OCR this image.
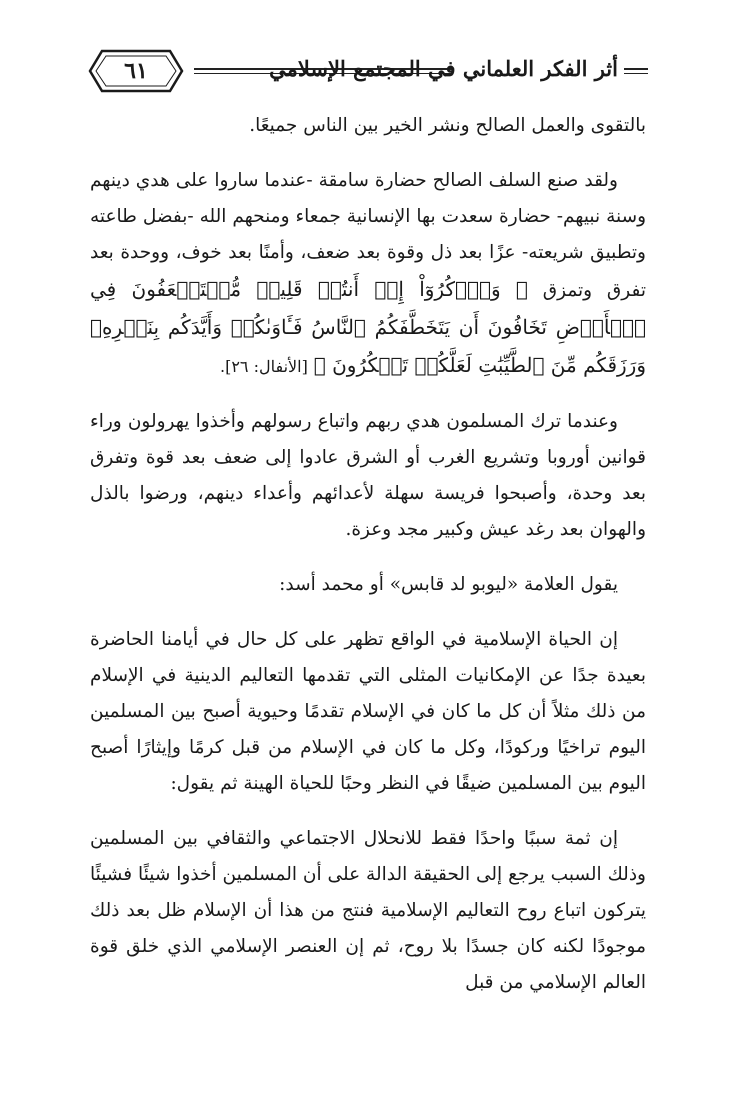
٦١	أثر الفكر العلماني في المجتمع الإسلامي

بالتقوى والعمل الصالح ونشر الخير بين الناس جميعًا.

ولقد صنع السلف الصالح حضارة سامقة -عندما ساروا على هدي دينهم وسنة نبيهم- حضارة سعدت بها الإنسانية جمعاء ومنحهم الله -بفضل طاعته وتطبيق شريعته- عزًا بعد ذل وقوة بعد ضعف، وأمنًا بعد خوف، ووحدة بعد تفرق وتمزق ﴿ وَٱذۡكُرُوٓاْ إِذۡ أَنتُمۡ قَلِيلٞ مُّسۡتَضۡعَفُونَ فِي ٱلۡأَرۡضِ تَخَافُونَ أَن يَتَخَطَّفَكُمُ ٱلنَّاسُ فَـَٔاوَىٰكُمۡ وَأَيَّدَكُم بِنَصۡرِهِۦ وَرَزَقَكُم مِّنَ ٱلطَّيِّبَٰتِ لَعَلَّكُمۡ تَشۡكُرُونَ ﴾ [الأنفال: ٢٦].

وعندما ترك المسلمون هدي ربهم واتباع رسولهم وأخذوا يهرولون وراء قوانين أوروبا وتشريع الغرب أو الشرق عادوا إلى ضعف بعد قوة وتفرق بعد وحدة، وأصبحوا فريسة سهلة لأعدائهم وأعداء دينهم، ورضوا بالذل والهوان بعد رغد عيش وكبير مجد وعزة.

يقول العلامة «ليوبو لد قابس» أو محمد أسد:

إن الحياة الإسلامية في الواقع تظهر على كل حال في أيامنا الحاضرة بعيدة جدًا عن الإمكانيات المثلى التي تقدمها التعاليم الدينية في الإسلام من ذلك مثلاً أن كل ما كان في الإسلام تقدمًا وحيوية أصبح بين المسلمين اليوم تراخيًا وركودًا، وكل ما كان في الإسلام من قبل كرمًا وإيثارًا أصبح اليوم بين المسلمين ضيقًا في النظر وحبًا للحياة الهينة ثم يقول:

إن ثمة سببًا واحدًا فقط للانحلال الاجتماعي والثقافي بين المسلمين وذلك السبب يرجع إلى الحقيقة الدالة على أن المسلمين أخذوا شيئًا فشيئًا يتركون اتباع روح التعاليم الإسلامية فنتج من هذا أن الإسلام ظل بعد ذلك موجودًا لكنه كان جسدًا بلا روح، ثم إن العنصر الإسلامي الذي خلق قوة العالم الإسلامي من قبل
